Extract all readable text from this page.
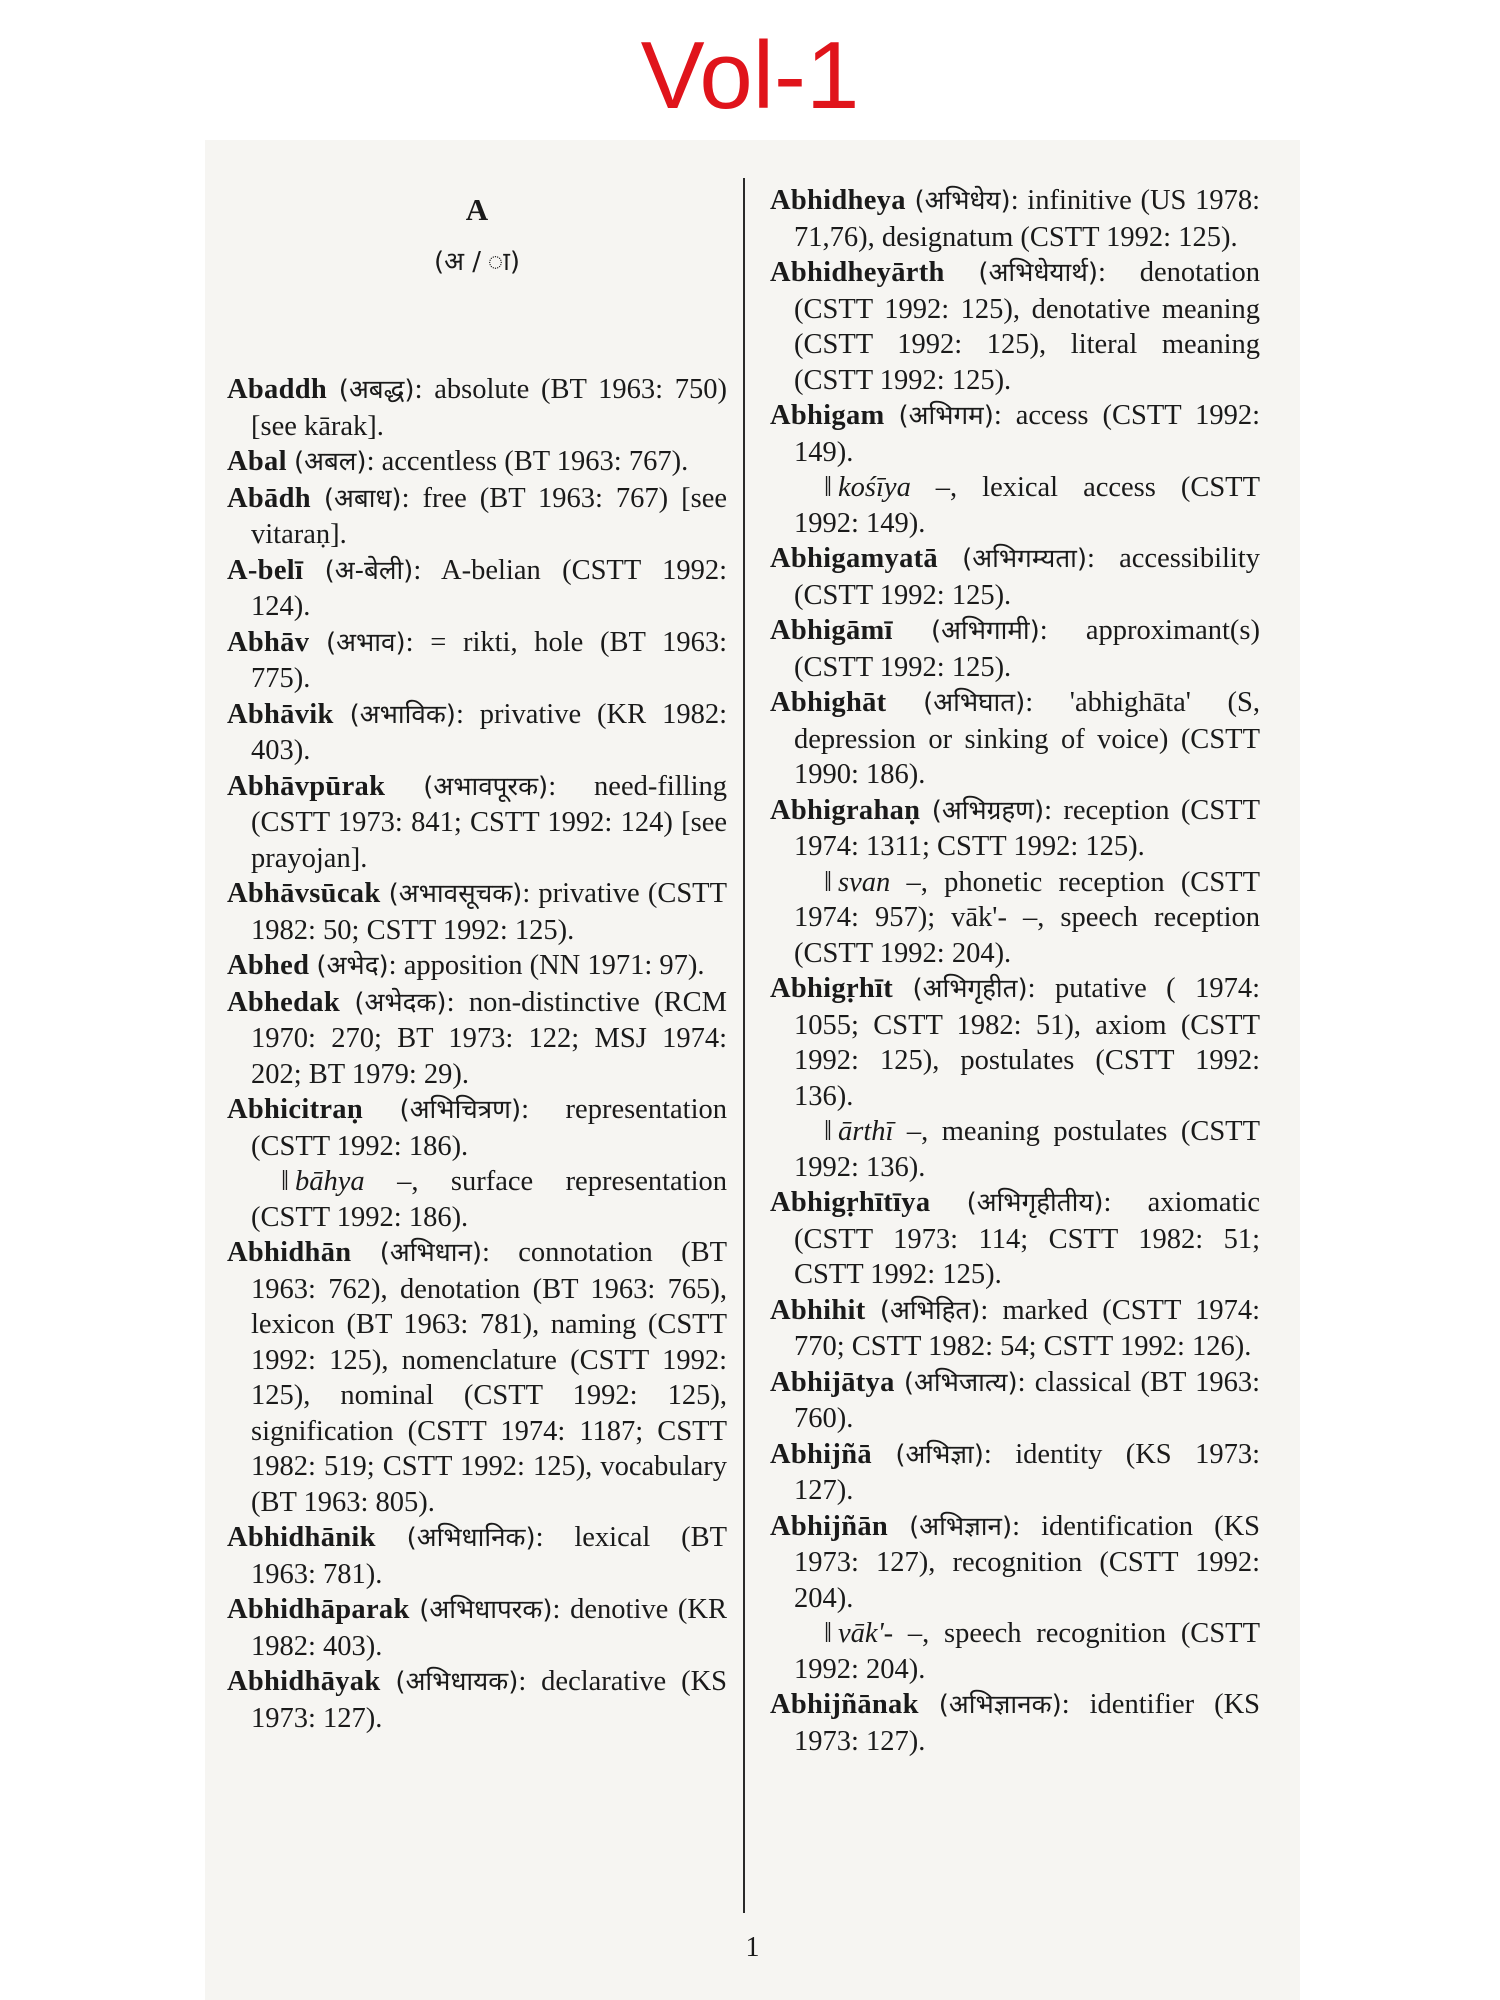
Vol-1
A
(अ / ा)

Abaddh (अबद्ध): absolute (BT 1963: 750) [see kārak].

Abal (अबल): accentless (BT 1963: 767).

Abādh (अबाध): free (BT 1963: 767) [see vitaraṇ].

A-belī (अ-बेली): A-belian (CSTT 1992: 124).

Abhāv (अभाव): = rikti, hole (BT 1963: 775).

Abhāvik (अभाविक): privative (KR 1982: 403).

Abhāvpūrak (अभावपूरक): need-filling (CSTT 1973: 841; CSTT 1992: 124) [see prayojan].

Abhāvsūcak (अभावसूचक): privative (CSTT 1982: 50; CSTT 1992: 125).

Abhed (अभेद): apposition (NN 1971: 97).

Abhedak (अभेदक): non-distinctive (RCM 1970: 270; BT 1973: 122; MSJ 1974: 202; BT 1979: 29).

Abhicitraṇ (अभिचित्रण): representation (CSTT 1992: 186).

‖ bāhya –, surface representation (CSTT 1992: 186).

Abhidhān (अभिधान): connotation (BT 1963: 762), denotation (BT 1963: 765), lexicon (BT 1963: 781), naming (CSTT 1992: 125), nomenclature (CSTT 1992: 125), nominal (CSTT 1992: 125), signification (CSTT 1974: 1187; CSTT 1982: 519; CSTT 1992: 125), vocabulary (BT 1963: 805).

Abhidhānik (अभिधानिक): lexical (BT 1963: 781).

Abhidhāparak (अभिधापरक): denotive (KR 1982: 403).

Abhidhāyak (अभिधायक): declarative (KS 1973: 127).

Abhidheya (अभिधेय): infinitive (US 1978: 71,76), designatum (CSTT 1992: 125).

Abhidheyārth (अभिधेयार्थ): denotation (CSTT 1992: 125), denotative meaning (CSTT 1992: 125), literal meaning (CSTT 1992: 125).

Abhigam (अभिगम): access (CSTT 1992: 149).

‖ kośīya –, lexical access (CSTT 1992: 149).

Abhigamyatā (अभिगम्यता): accessibility (CSTT 1992: 125).

Abhigāmī (अभिगामी): approximant(s) (CSTT 1992: 125).

Abhighāt (अभिघात): 'abhighāta' (S, depression or sinking of voice) (CSTT 1990: 186).

Abhigrahaṇ (अभिग्रहण): reception (CSTT 1974: 1311; CSTT 1992: 125).

‖ svan –, phonetic reception (CSTT 1974: 957); vāk'- –, speech reception (CSTT 1992: 204).

Abhigṛhīt (अभिगृहीत): putative ( 1974: 1055; CSTT 1982: 51), axiom (CSTT 1992: 125), postulates (CSTT 1992: 136).

‖ ārthī –, meaning postulates (CSTT 1992: 136).

Abhigṛhītīya (अभिगृहीतीय): axiomatic (CSTT 1973: 114; CSTT 1982: 51; CSTT 1992: 125).

Abhihit (अभिहित): marked (CSTT 1974: 770; CSTT 1982: 54; CSTT 1992: 126).

Abhijātya (अभिजात्य): classical (BT 1963: 760).

Abhijñā (अभिज्ञा): identity (KS 1973: 127).

Abhijñān (अभिज्ञान): identification (KS 1973: 127), recognition (CSTT 1992: 204).

‖ vāk'- –, speech recognition (CSTT 1992: 204).

Abhijñānak (अभिज्ञानक): identifier (KS 1973: 127).

1
